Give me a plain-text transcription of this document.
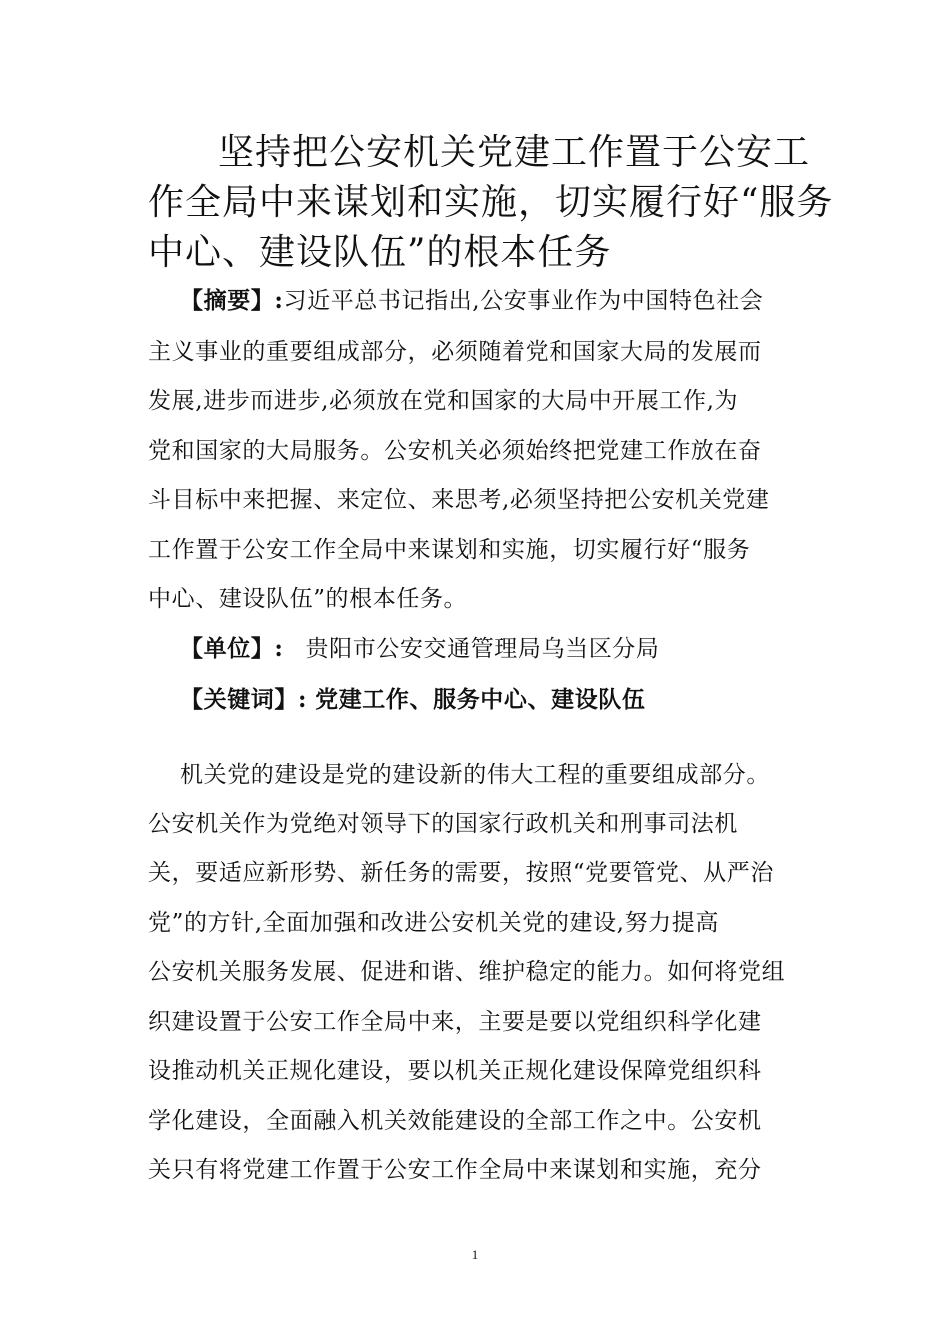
坚持把公安机关党建工作置于公安工
作全局中来谋划和实施，切实履行好“服务
中心、建设队伍”的根本任务
【摘要】:习近平总书记指出,公安事业作为中国特色社会
主义事业的重要组成部分，必须随着党和国家大局的发展而
发展,进步而进步,必须放在党和国家的大局中开展工作,为
党和国家的大局服务。公安机关必须始终把党建工作放在奋
斗目标中来把握、来定位、来思考,必须坚持把公安机关党建
工作置于公安工作全局中来谋划和实施，切实履行好“服务
中心、建设队伍”的根本任务。
【单位】: 贵阳市公安交通管理局乌当区分局
【关键词】: 党建工作、服务中心、建设队伍
机关党的建设是党的建设新的伟大工程的重要组成部分。
公安机关作为党绝对领导下的国家行政机关和刑事司法机
关，要适应新形势、新任务的需要，按照“党要管党、从严治
党”的方针,全面加强和改进公安机关党的建设,努力提高
公安机关服务发展、促进和谐、维护稳定的能力。如何将党组
织建设置于公安工作全局中来，主要是要以党组织科学化建
设推动机关正规化建设，要以机关正规化建设保障党组织科
学化建设，全面融入机关效能建设的全部工作之中。公安机
关只有将党建工作置于公安工作全局中来谋划和实施，充分
1
